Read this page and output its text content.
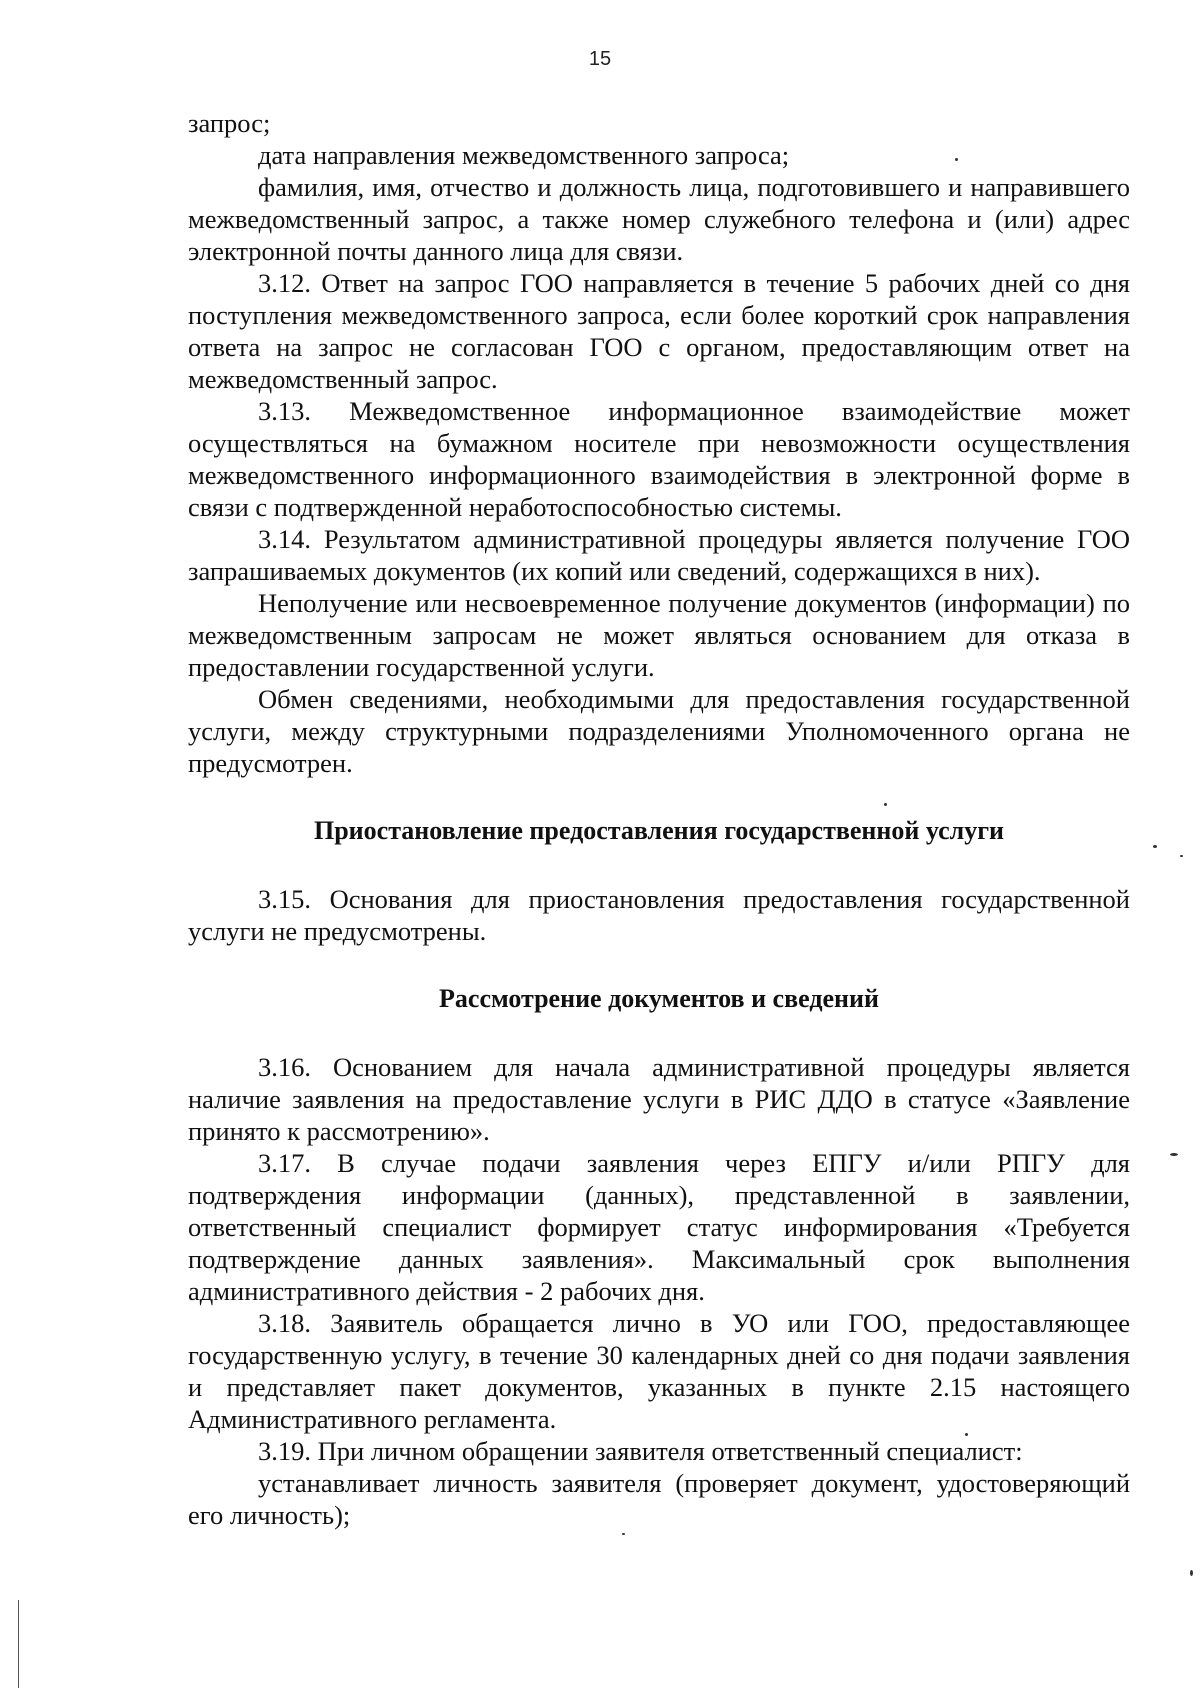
15

запрос;

дата направления межведомственного запроса;

фамилия, имя, отчество и должность лица, подготовившего и направившего межведомственный запрос, а также номер служебного телефона и (или) адрес электронной почты данного лица для связи.

3.12. Ответ на запрос ГОО направляется в течение 5 рабочих дней со дня поступления межведомственного запроса, если более короткий срок направления ответа на запрос не согласован ГОО с органом, предоставляющим ответ на межведомственный запрос.

3.13. Межведомственное информационное взаимодействие может осуществляться на бумажном носителе при невозможности осуществления межведомственного информационного взаимодействия в электронной форме в связи с подтвержденной неработоспособностью системы.

3.14. Результатом административной процедуры является получение ГОО запрашиваемых документов (их копий или сведений, содержащихся в них).

Неполучение или несвоевременное получение документов (информации) по межведомственным запросам не может являться основанием для отказа в предоставлении государственной услуги.

Обмен сведениями, необходимыми для предоставления государственной услуги, между структурными подразделениями Уполномоченного органа не предусмотрен.

Приостановление предоставления государственной услуги

3.15. Основания для приостановления предоставления государственной услуги не предусмотрены.

Рассмотрение документов и сведений

3.16. Основанием для начала административной процедуры является наличие заявления на предоставление услуги в РИС ДДО в статусе «Заявление принято к рассмотрению».

3.17. В случае подачи заявления через ЕПГУ и/или РПГУ для подтверждения информации (данных), представленной в заявлении, ответственный специалист формирует статус информирования «Требуется подтверждение данных заявления». Максимальный срок выполнения административного действия - 2 рабочих дня.

3.18. Заявитель обращается лично в УО или ГОО, предоставляющее государственную услугу, в течение 30 календарных дней со дня подачи заявления и представляет пакет документов, указанных в пункте 2.15 настоящего Административного регламента.

3.19. При личном обращении заявителя ответственный специалист:

устанавливает личность заявителя (проверяет документ, удостоверяющий его личность);
